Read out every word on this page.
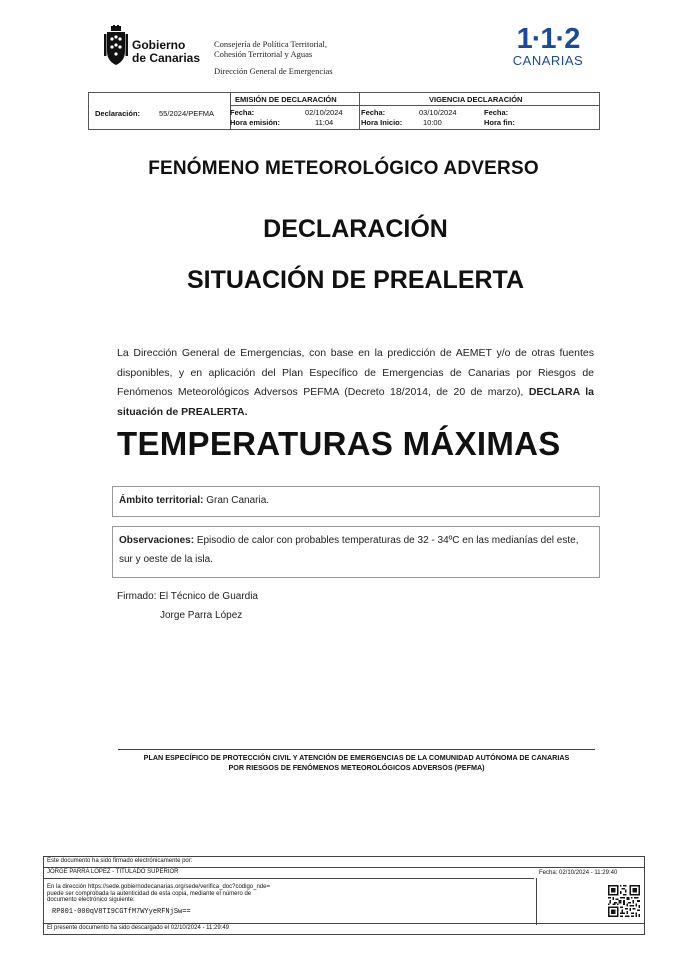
Gobierno
de Canarias
Consejería de Política Territorial,
Cohesión Territorial y Aguas
Dirección General de Emergencias
1·1·2
CANARIAS
Declaración:	55/2024/PEFMA
EMISIÓN DE DECLARACIÓN	VIGENCIA DECLARACIÓN
Fecha:	02/10/2024
Hora emisión:	11:04
Fecha:	03/10/2024
Hora Inicio:	10:00
Fecha:
Hora fin:
FENÓMENO METEOROLÓGICO ADVERSO
DECLARACIÓN
SITUACIÓN DE PREALERTA
La Dirección General de Emergencias, con base en la predicción de AEMET y/o de otras fuentes disponibles, y en aplicación del Plan Específico de Emergencias de Canarias por Riesgos de Fenómenos Meteorológicos Adversos PEFMA (Decreto 18/2014, de 20 de marzo), DECLARA la situación de PREALERTA.
TEMPERATURAS MÁXIMAS
Ámbito territorial: Gran Canaria.
Observaciones: Episodio de calor con probables temperaturas de 32 - 34ºC en las medianías del este, sur y oeste de la isla.
Firmado: El Técnico de Guardia
Jorge Parra López
PLAN ESPECÍFICO DE PROTECCIÓN CIVIL Y ATENCIÓN DE EMERGENCIAS DE LA COMUNIDAD AUTÓNOMA DE CANARIAS
POR RIESGOS DE FENÓMENOS METEOROLÓGICOS ADVERSOS (PEFMA)
Este documento ha sido firmado electrónicamente por:
JORGE PARRA LOPEZ - TITULADO SUPERIOR	Fecha: 02/10/2024 - 11:29:40
En la dirección https://sede.gobiernodecanarias.org/sede/verifica_doc?codigo_nde=
puede ser comprobada la autenticidad de esta copia, mediante el número de
documento electrónico siguiente:
RP001-000qV8TI9CGTfM7WYyeRFNjSw==
El presente documento ha sido descargado el 02/10/2024 - 11:29:49
